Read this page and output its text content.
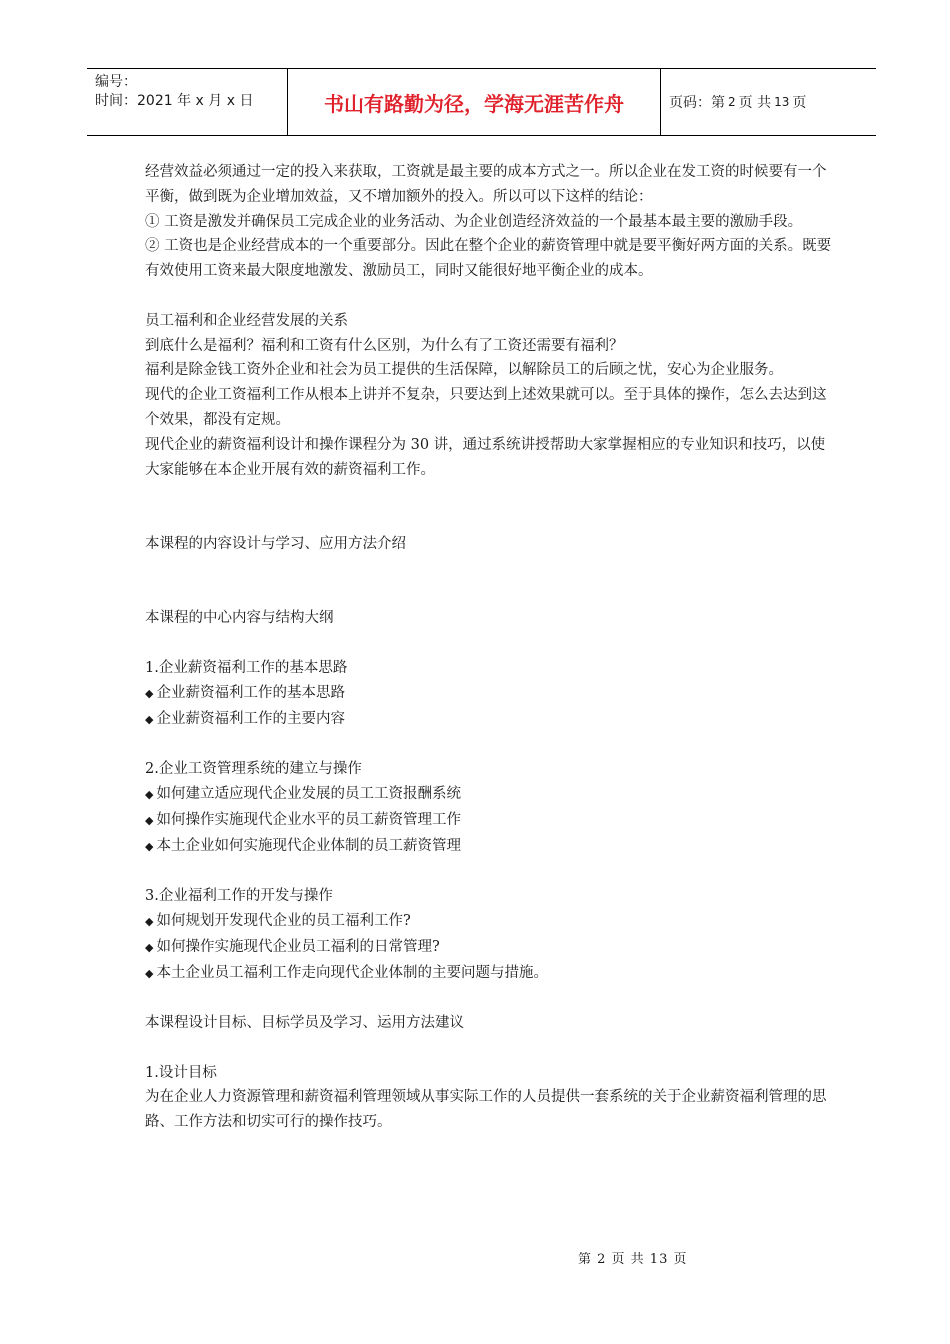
编号：
时间：2021 年 x 月 x 日	书山有路勤为径，学海无涯苦作舟	页码：第 2 页 共 13 页

经营效益必须通过一定的投入来获取，工资就是最主要的成本方式之一。所以企业在发工资的时候要有一个平衡，做到既为企业增加效益，又不增加额外的投入。所以可以下这样的结论：

① 工资是激发并确保员工完成企业的业务活动、为企业创造经济效益的一个最基本最主要的激励手段。

② 工资也是企业经营成本的一个重要部分。因此在整个企业的薪资管理中就是要平衡好两方面的关系。既要有效使用工资来最大限度地激发、激励员工，同时又能很好地平衡企业的成本。

员工福利和企业经营发展的关系

到底什么是福利？福利和工资有什么区别，为什么有了工资还需要有福利？

福利是除金钱工资外企业和社会为员工提供的生活保障，以解除员工的后顾之忧，安心为企业服务。

现代的企业工资福利工作从根本上讲并不复杂，只要达到上述效果就可以。至于具体的操作，怎么去达到这个效果，都没有定规。

现代企业的薪资福利设计和操作课程分为 30 讲，通过系统讲授帮助大家掌握相应的专业知识和技巧，以使大家能够在本企业开展有效的薪资福利工作。

本课程的内容设计与学习、应用方法介绍

本课程的中心内容与结构大纲

1.企业薪资福利工作的基本思路

◆ 企业薪资福利工作的基本思路

◆ 企业薪资福利工作的主要内容

2.企业工资管理系统的建立与操作

◆ 如何建立适应现代企业发展的员工工资报酬系统

◆ 如何操作实施现代企业水平的员工薪资管理工作

◆ 本土企业如何实施现代企业体制的员工薪资管理

3.企业福利工作的开发与操作

◆ 如何规划开发现代企业的员工福利工作?

◆ 如何操作实施现代企业员工福利的日常管理?

◆ 本土企业员工福利工作走向现代企业体制的主要问题与措施。

本课程设计目标、目标学员及学习、运用方法建议

1.设计目标

为在企业人力资源管理和薪资福利管理领域从事实际工作的人员提供一套系统的关于企业薪资福利管理的思路、工作方法和切实可行的操作技巧。

第 2 页 共 13 页
